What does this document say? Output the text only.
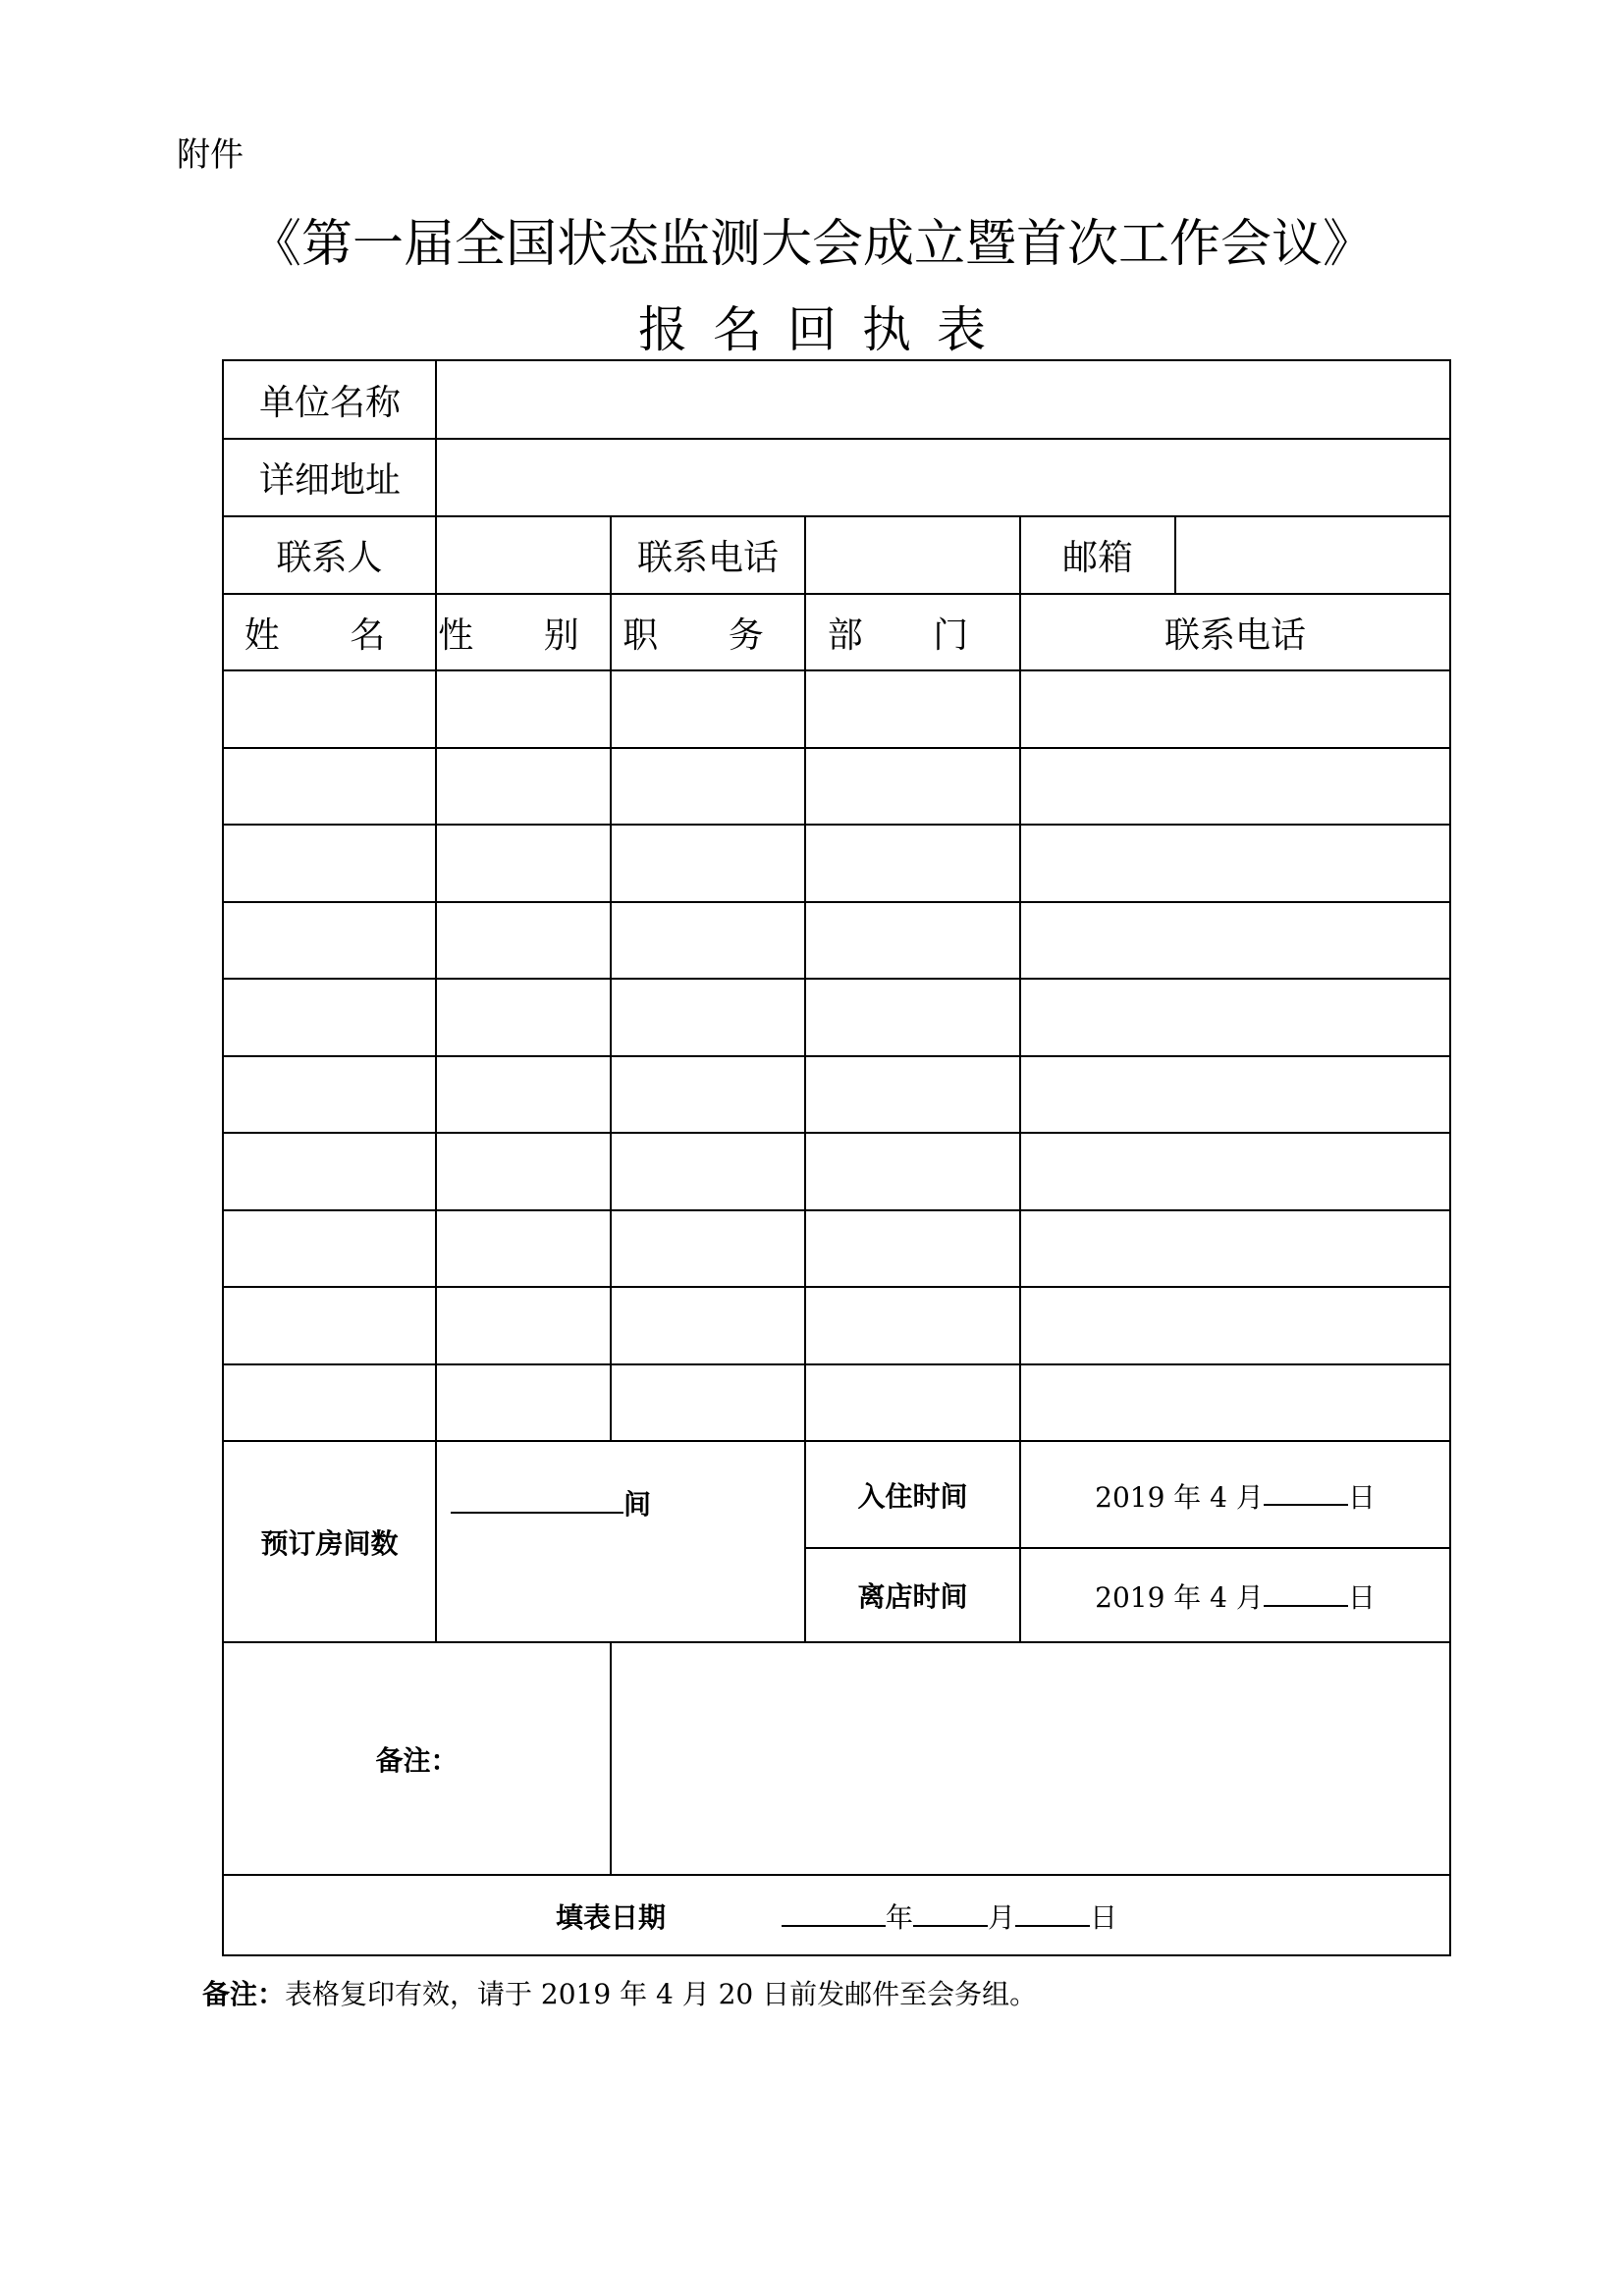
附件
《第一届全国状态监测大会成立暨首次工作会议》
报名回执表
单位名称					
详细地址					
联系人		联系电话		邮箱	
姓 名	性 别	职 务	部 门	联系电话	

预订房间数	间		入住时间	2019 年 4 月 日	
			离店时间	2019 年 4 月 日	
备注：					
填表日期 年 月 日					
备注：表格复印有效，请于 2019 年 4 月 20 日前发邮件至会务组。
